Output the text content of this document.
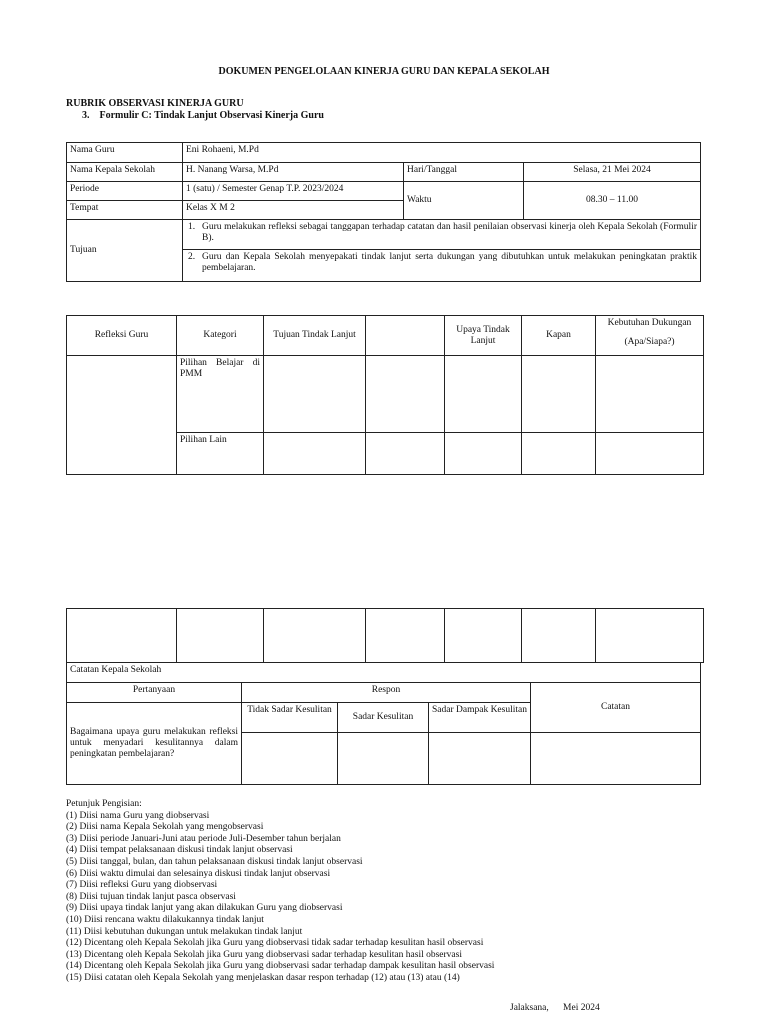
DOKUMEN PENGELOLAAN KINERJA GURU DAN KEPALA SEKOLAH
RUBRIK OBSERVASI KINERJA GURU
3.    Formulir C: Tindak Lanjut Observasi Kinerja Guru
Nama Guru	Eni Rohaeni, M.Pd		
Nama Kepala Sekolah	H. Nanang Warsa, M.Pd	Hari/Tanggal	Selasa, 21 Mei 2024
Periode	1 (satu) / Semester Genap T.P. 2023/2024	Waktu	08.30 – 11.00
Tempat	Kelas X M 2		
Tujuan	1. Guru melakukan refleksi sebagai tanggapan terhadap catatan dan hasil penilaian observasi kinerja oleh Kepala Sekolah (Formulir B).		

	2. Guru dan Kepala Sekolah menyepakati tindak lanjut serta dukungan yang dibutuhkan untuk melakukan peningkatan praktik pembelajaran.		
Refleksi Guru	Kategori	Tujuan Tindak Lanjut		Upaya Tindak Lanjut	Kapan	Kebutuhan Dukungan
(Apa/Siapa?)

	Pilihan Belajar di PMM					
	Pilihan Lain					

Catatan Kepala Sekolah				
Pertanyaan	Respon			Catatan
Bagaimana upaya guru melakukan refleksi untuk menyadari kesulitannya dalam peningkatan pembelajaran?	Tidak Sadar Kesulitan	Sadar Kesulitan	Sadar Dampak Kesulitan	

Petunjuk Pengisian:
(1) Diisi nama Guru yang diobservasi
(2) Diisi nama Kepala Sekolah yang mengobservasi
(3) Diisi periode Januari-Juni atau periode Juli-Desember tahun berjalan
(4) Diisi tempat pelaksanaan diskusi tindak lanjut observasi
(5) Diisi tanggal, bulan, dan tahun pelaksanaan diskusi tindak lanjut observasi
(6) Diisi waktu dimulai dan selesainya diskusi tindak lanjut observasi
(7) Diisi refleksi Guru yang diobservasi
(8) Diisi tujuan tindak lanjut pasca observasi
(9) Diisi upaya tindak lanjut yang akan dilakukan Guru yang diobservasi
(10) Diisi rencana waktu dilakukannya tindak lanjut
(11) Diisi kebutuhan dukungan untuk melakukan tindak lanjut
(12) Dicentang oleh Kepala Sekolah jika Guru yang diobservasi tidak sadar terhadap kesulitan hasil observasi
(13) Dicentang oleh Kepala Sekolah jika Guru yang diobservasi sadar terhadap kesulitan hasil observasi
(14) Dicentang oleh Kepala Sekolah jika Guru yang diobservasi sadar terhadap dampak kesulitan hasil observasi
(15) Diisi catatan oleh Kepala Sekolah yang menjelaskan dasar respon terhadap (12) atau (13) atau (14)
Jalaksana,      Mei 2024
